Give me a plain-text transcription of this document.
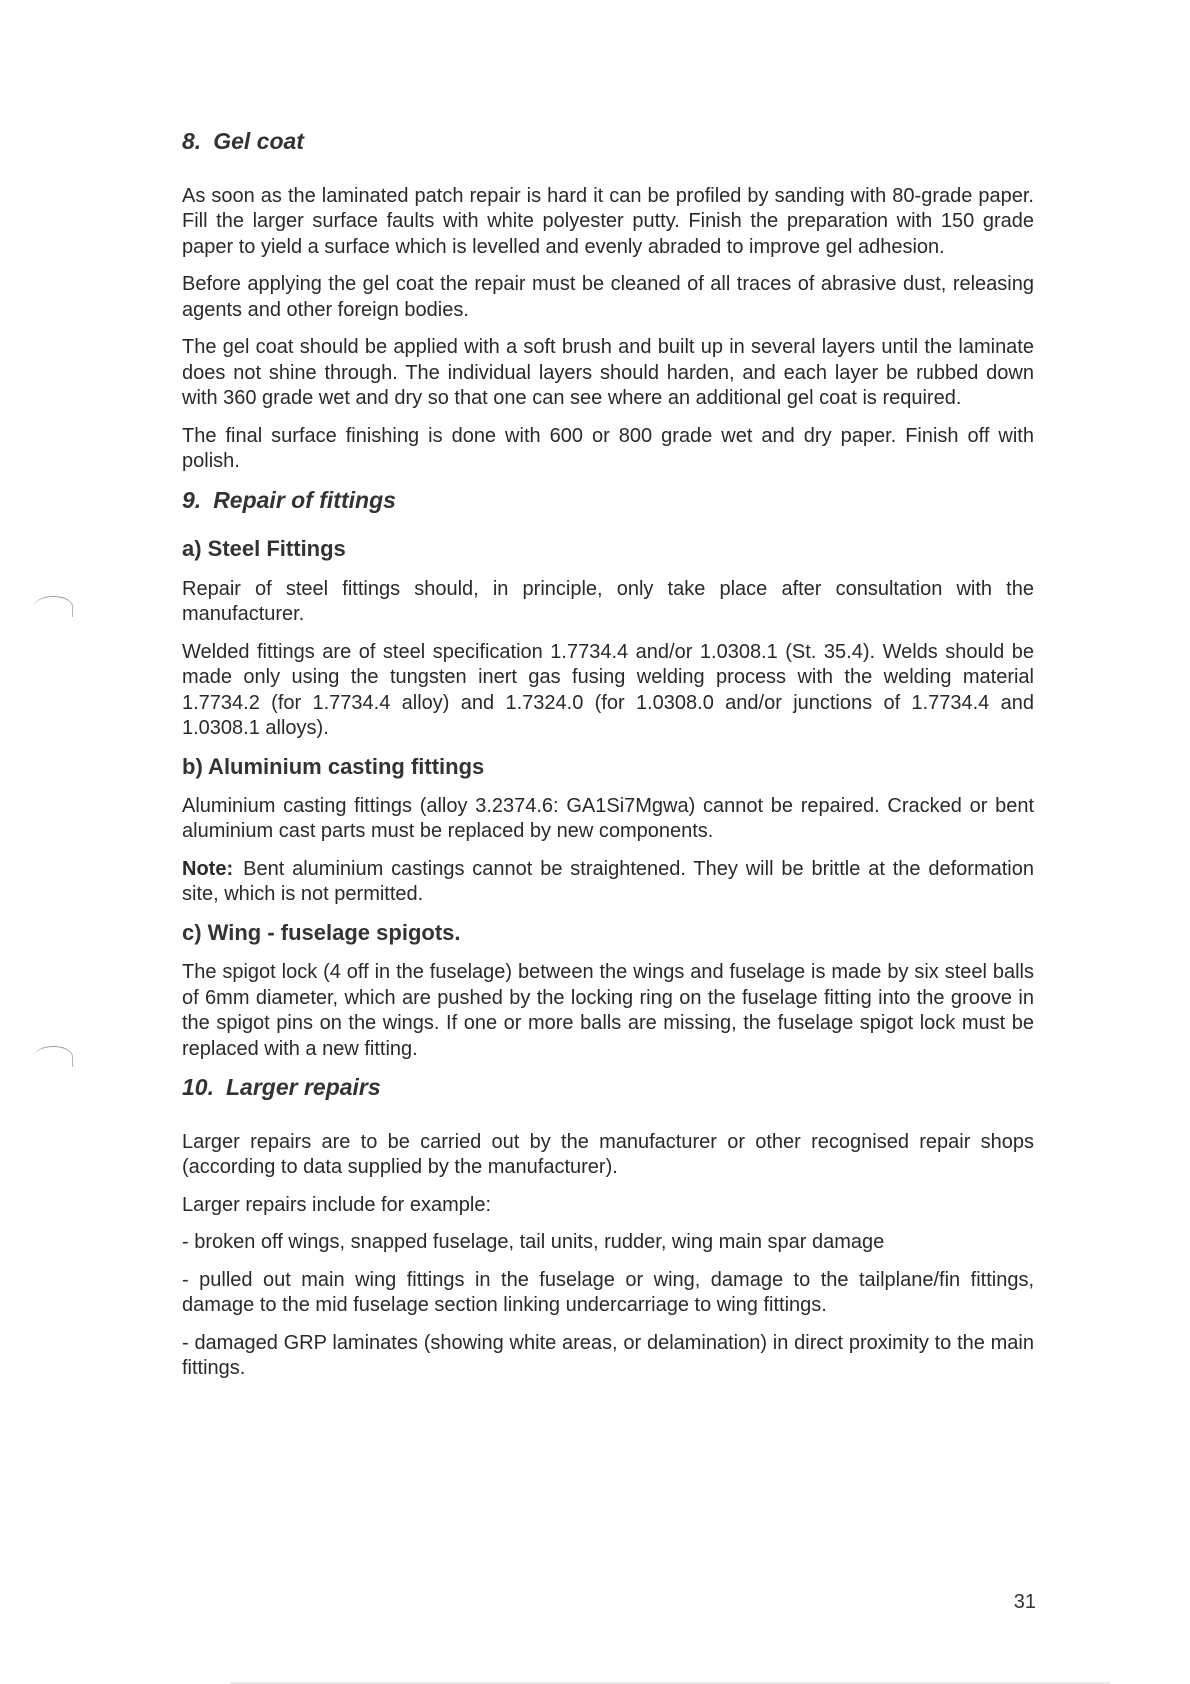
8. Gel coat

As soon as the laminated patch repair is hard it can be profiled by sanding with 80-grade paper. Fill the larger surface faults with white polyester putty. Finish the preparation with 150 grade paper to yield a surface which is levelled and evenly abraded to improve gel adhesion.

Before applying the gel coat the repair must be cleaned of all traces of abrasive dust, releasing agents and other foreign bodies.

The gel coat should be applied with a soft brush and built up in several layers until the laminate does not shine through. The individual layers should harden, and each layer be rubbed down with 360 grade wet and dry so that one can see where an additional gel coat is required.

The final surface finishing is done with 600 or 800 grade wet and dry paper. Finish off with polish.

9. Repair of fittings
a) Steel Fittings

Repair of steel fittings should, in principle, only take place after consultation with the manufacturer.

Welded fittings are of steel specification 1.7734.4 and/or 1.0308.1 (St. 35.4). Welds should be made only using the tungsten inert gas fusing welding process with the welding material 1.7734.2 (for 1.7734.4 alloy) and 1.7324.0 (for 1.0308.0 and/or junctions of 1.7734.4 and 1.0308.1 alloys).

b) Aluminium casting fittings

Aluminium casting fittings (alloy 3.2374.6: GA1Si7Mgwa) cannot be repaired. Cracked or bent aluminium cast parts must be replaced by new components.

Note: Bent aluminium castings cannot be straightened. They will be brittle at the deformation site, which is not permitted.

c) Wing - fuselage spigots.

The spigot lock (4 off in the fuselage) between the wings and fuselage is made by six steel balls of 6mm diameter, which are pushed by the locking ring on the fuselage fitting into the groove in the spigot pins on the wings. If one or more balls are missing, the fuselage spigot lock must be replaced with a new fitting.

10. Larger repairs

Larger repairs are to be carried out by the manufacturer or other recognised repair shops (according to data supplied by the manufacturer).

Larger repairs include for example:

- broken off wings, snapped fuselage, tail units, rudder, wing main spar damage

- pulled out main wing fittings in the fuselage or wing, damage to the tailplane/fin fittings, damage to the mid fuselage section linking undercarriage to wing fittings.

- damaged GRP laminates (showing white areas, or delamination) in direct proximity to the main fittings.

31
